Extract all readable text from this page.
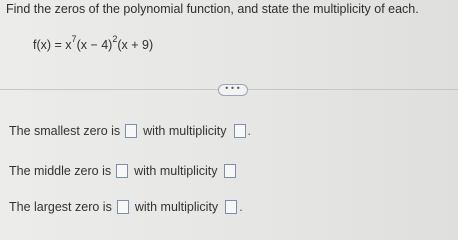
Find the zeros of the polynomial function, and state the multiplicity of each.
$f(x) = x^7(x - 4)^2(x + 9)$
•••
The smallest zero is with multiplicity .
The middle zero is with multiplicity
The largest zero is with multiplicity .
